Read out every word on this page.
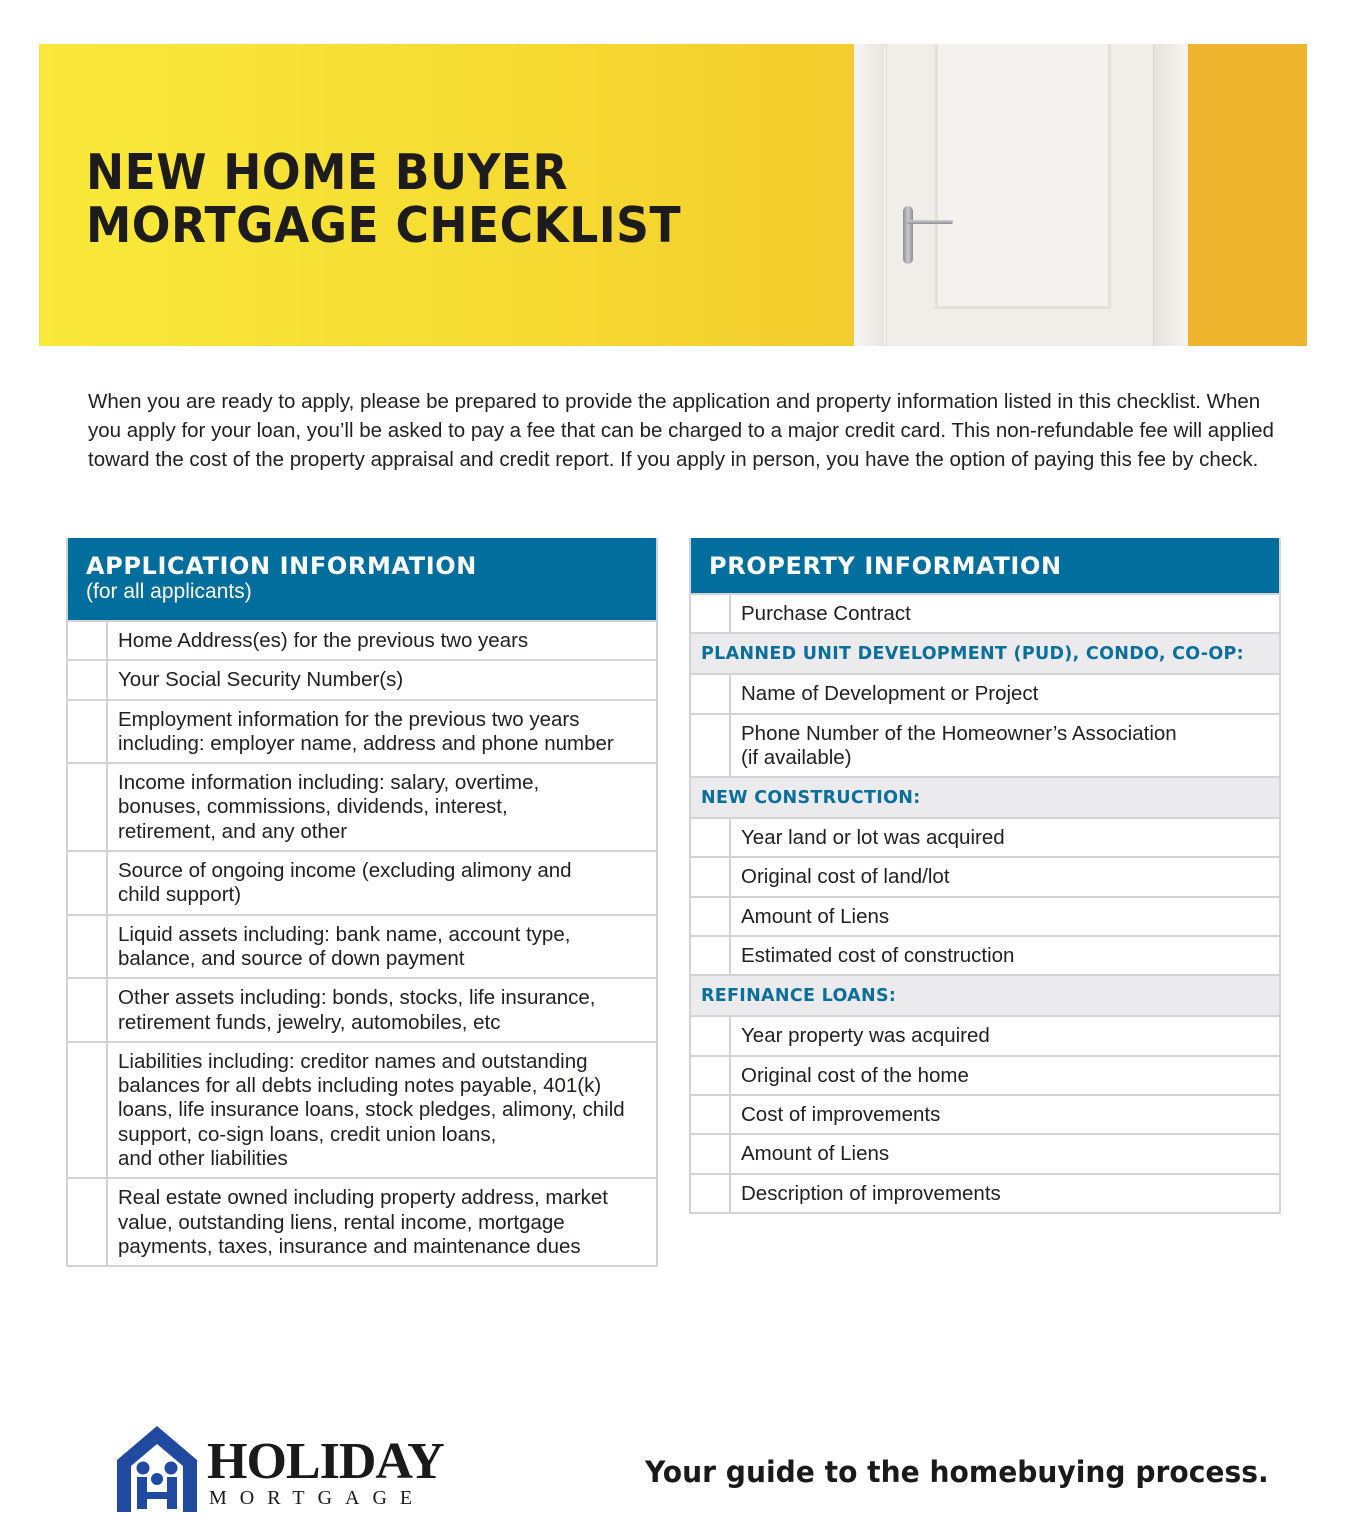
NEW HOME BUYER
MORTGAGE CHECKLIST

When you are ready to apply, please be prepared to provide the application and property information listed in this checklist. When you apply for your loan, you’ll be asked to pay a fee that can be charged to a major credit card. This non-refundable fee will applied toward the cost of the property appraisal and credit report. If you apply in person, you have the option of paying this fee by check.

APPLICATION INFORMATION
(for all applicants)
Home Address(es) for the previous two years
Your Social Security Number(s)
Employment information for the previous two years
including: employer name, address and phone number
Income information including: salary, overtime,
bonuses, commissions, dividends, interest,
retirement, and any other
Source of ongoing income (excluding alimony and
child support)
Liquid assets including: bank name, account type,
balance, and source of down payment
Other assets including: bonds, stocks, life insurance,
retirement funds, jewelry, automobiles, etc
Liabilities including: creditor names and outstanding
balances for all debts including notes payable, 401(k)
loans, life insurance loans, stock pledges, alimony, child
support, co-sign loans, credit union loans,
and other liabilities
Real estate owned including property address, market
value, outstanding liens, rental income, mortgage
payments, taxes, insurance and maintenance dues
PROPERTY INFORMATION
Purchase Contract
PLANNED UNIT DEVELOPMENT (PUD), CONDO, CO-OP:
Name of Development or Project
Phone Number of the Homeowner’s Association
(if available)
NEW CONSTRUCTION:
Year land or lot was acquired
Original cost of land/lot
Amount of Liens
Estimated cost of construction
REFINANCE LOANS:
Year property was acquired
Original cost of the home
Cost of improvements
Amount of Liens
Description of improvements
HOLIDAY
MORTGAGE
Your guide to the homebuying process.
